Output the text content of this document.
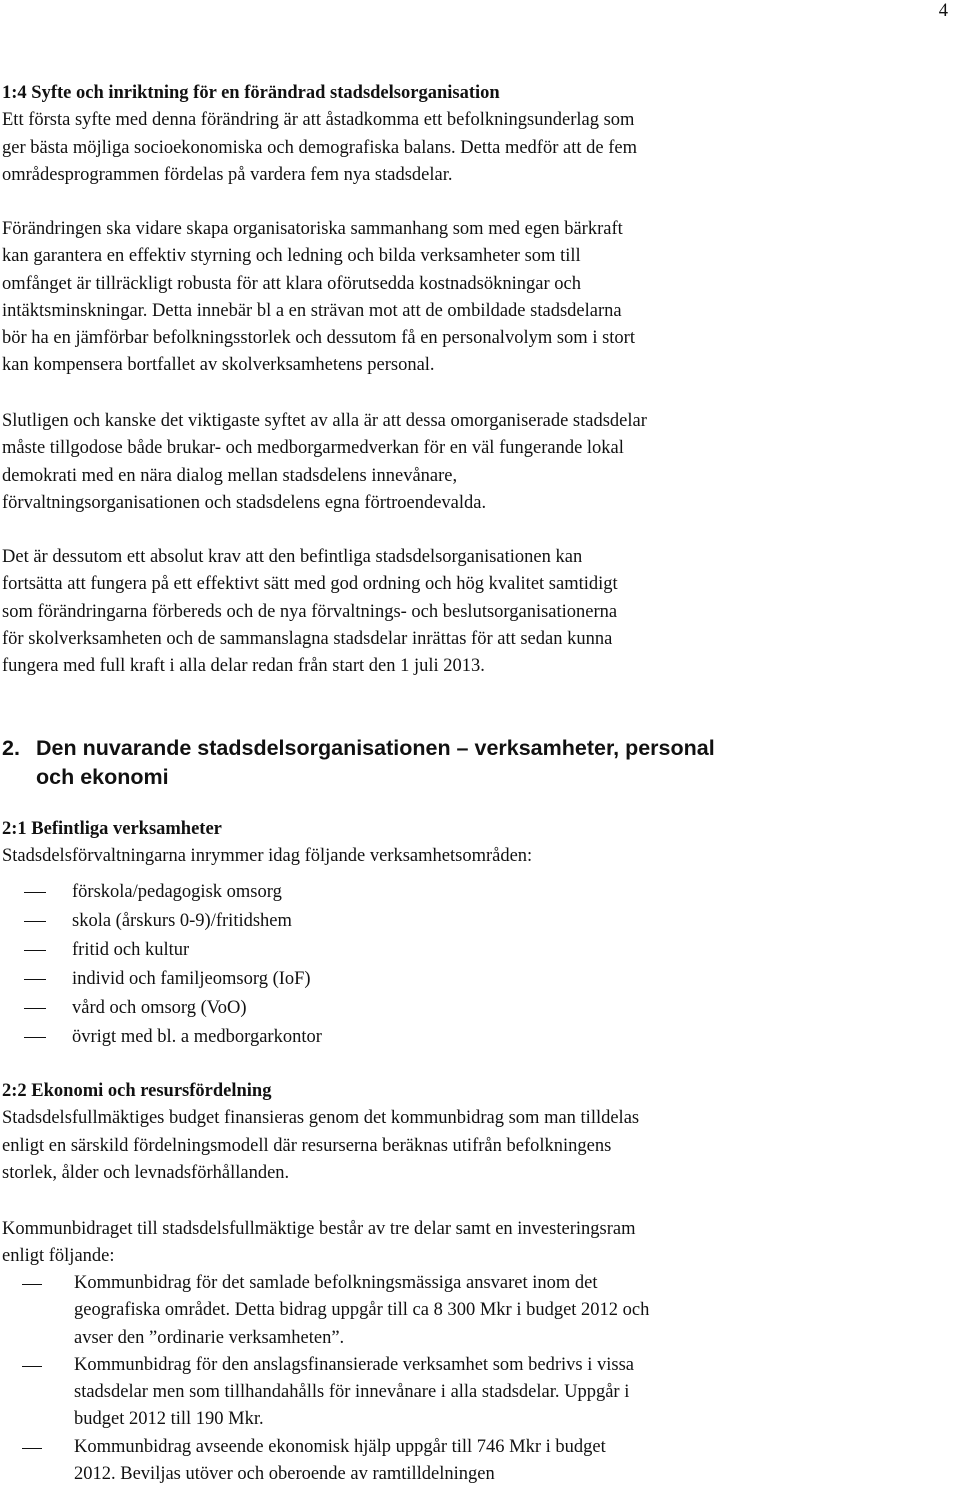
4

1:4 Syfte och inriktning för en förändrad stadsdelsorganisation

Ett första syfte med denna förändring är att åstadkomma ett befolkningsunderlag som

ger bästa möjliga socioekonomiska och demografiska balans. Detta medför att de fem

områdesprogrammen fördelas på vardera fem nya stadsdelar.

Förändringen ska vidare skapa organisatoriska sammanhang som med egen bärkraft

kan garantera en effektiv styrning och ledning och bilda verksamheter som till

omfånget är tillräckligt robusta för att klara oförutsedda kostnadsökningar och

intäktsminskningar. Detta innebär bl a en strävan mot att de ombildade stadsdelarna

bör ha en jämförbar befolkningsstorlek och dessutom få en personalvolym som i stort

kan kompensera bortfallet av skolverksamhetens personal.

Slutligen och kanske det viktigaste syftet av alla är att dessa omorganiserade stadsdelar

måste tillgodose både brukar- och medborgarmedverkan för en väl fungerande lokal

demokrati med en nära dialog mellan stadsdelens innevånare,

förvaltningsorganisationen och stadsdelens egna förtroendevalda.

Det är dessutom ett absolut krav att den befintliga stadsdelsorganisationen kan

fortsätta att fungera på ett effektivt sätt med god ordning och hög kvalitet samtidigt

som förändringarna förbereds och de nya förvaltnings- och beslutsorganisationerna

för skolverksamheten och de sammanslagna stadsdelar inrättas för att sedan kunna

fungera med full kraft i alla delar redan från start den 1 juli 2013.

2. Den nuvarande stadsdelsorganisationen – verksamheter, personal
och ekonomi

2:1 Befintliga verksamheter

Stadsdelsförvaltningarna inrymmer idag följande verksamhetsområden:

förskola/pedagogisk omsorg

skola (årskurs 0-9)/fritidshem

fritid och kultur

individ och familjeomsorg (IoF)

vård och omsorg (VoO)

övrigt med bl. a medborgarkontor

2:2 Ekonomi och resursfördelning

Stadsdelsfullmäktiges budget finansieras genom det kommunbidrag som man tilldelas

enligt en särskild fördelningsmodell där resurserna beräknas utifrån befolkningens

storlek, ålder och levnadsförhållanden.

Kommunbidraget till stadsdelsfullmäktige består av tre delar samt en investeringsram

enligt följande:

Kommunbidrag för det samlade befolkningsmässiga ansvaret inom det

geografiska området. Detta bidrag uppgår till ca 8 300 Mkr i budget 2012 och

avser den ”ordinarie verksamheten”.

Kommunbidrag för den anslagsfinansierade verksamhet som bedrivs i vissa

stadsdelar men som tillhandahålls för innevånare i alla stadsdelar. Uppgår i

budget 2012 till 190 Mkr.

Kommunbidrag avseende ekonomisk hjälp uppgår till 746 Mkr i budget

2012. Beviljas utöver och oberoende av ramtilldelningen
